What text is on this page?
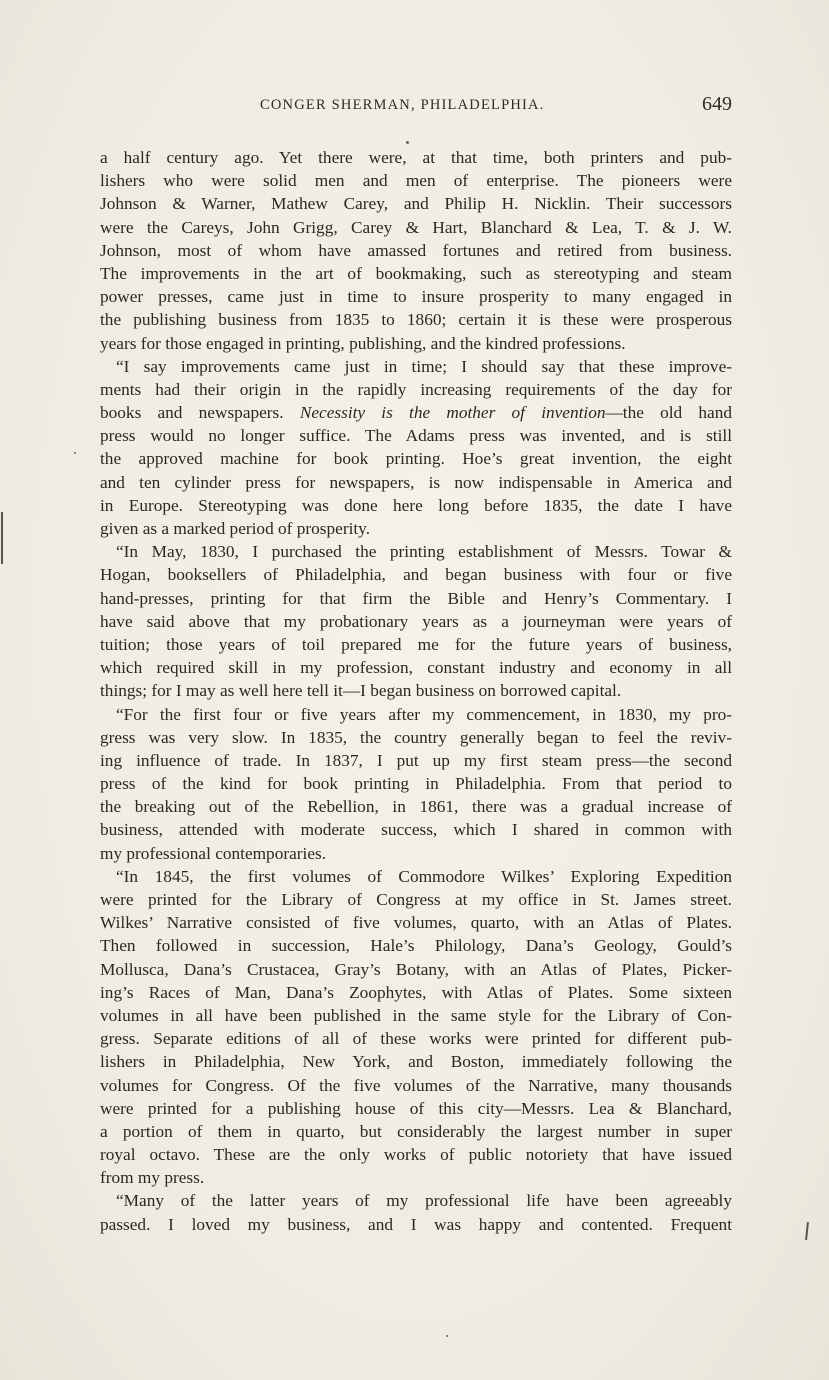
CONGER SHERMAN, PHILADELPHIA.	649
a half century ago. Yet there were, at that time, both printers and pub-
lishers who were solid men and men of enterprise. The pioneers were
Johnson & Warner, Mathew Carey, and Philip H. Nicklin. Their successors
were the Careys, John Grigg, Carey & Hart, Blanchard & Lea, T. & J. W.
Johnson, most of whom have amassed fortunes and retired from business.
The improvements in the art of bookmaking, such as stereotyping and steam
power presses, came just in time to insure prosperity to many engaged in
the publishing business from 1835 to 1860; certain it is these were prosperous
years for those engaged in printing, publishing, and the kindred professions.
“I say improvements came just in time; I should say that these improve-
ments had their origin in the rapidly increasing requirements of the day for
books and newspapers. Necessity is the mother of invention—the old hand
press would no longer suffice. The Adams press was invented, and is still
the approved machine for book printing. Hoe’s great invention, the eight
and ten cylinder press for newspapers, is now indispensable in America and
in Europe. Stereotyping was done here long before 1835, the date I have
given as a marked period of prosperity.
“In May, 1830, I purchased the printing establishment of Messrs. Towar &
Hogan, booksellers of Philadelphia, and began business with four or five
hand-presses, printing for that firm the Bible and Henry’s Commentary. I
have said above that my probationary years as a journeyman were years of
tuition; those years of toil prepared me for the future years of business,
which required skill in my profession, constant industry and economy in all
things; for I may as well here tell it—I began business on borrowed capital.
“For the first four or five years after my commencement, in 1830, my pro-
gress was very slow. In 1835, the country generally began to feel the reviv-
ing influence of trade. In 1837, I put up my first steam press—the second
press of the kind for book printing in Philadelphia. From that period to
the breaking out of the Rebellion, in 1861, there was a gradual increase of
business, attended with moderate success, which I shared in common with
my professional contemporaries.
“In 1845, the first volumes of Commodore Wilkes’ Exploring Expedition
were printed for the Library of Congress at my office in St. James street.
Wilkes’ Narrative consisted of five volumes, quarto, with an Atlas of Plates.
Then followed in succession, Hale’s Philology, Dana’s Geology, Gould’s
Mollusca, Dana’s Crustacea, Gray’s Botany, with an Atlas of Plates, Picker-
ing’s Races of Man, Dana’s Zoophytes, with Atlas of Plates. Some sixteen
volumes in all have been published in the same style for the Library of Con-
gress. Separate editions of all of these works were printed for different pub-
lishers in Philadelphia, New York, and Boston, immediately following the
volumes for Congress. Of the five volumes of the Narrative, many thousands
were printed for a publishing house of this city—Messrs. Lea & Blanchard,
a portion of them in quarto, but considerably the largest number in super
royal octavo. These are the only works of public notoriety that have issued
from my press.
“Many of the latter years of my professional life have been agreeably
passed. I loved my business, and I was happy and contented. Frequent
